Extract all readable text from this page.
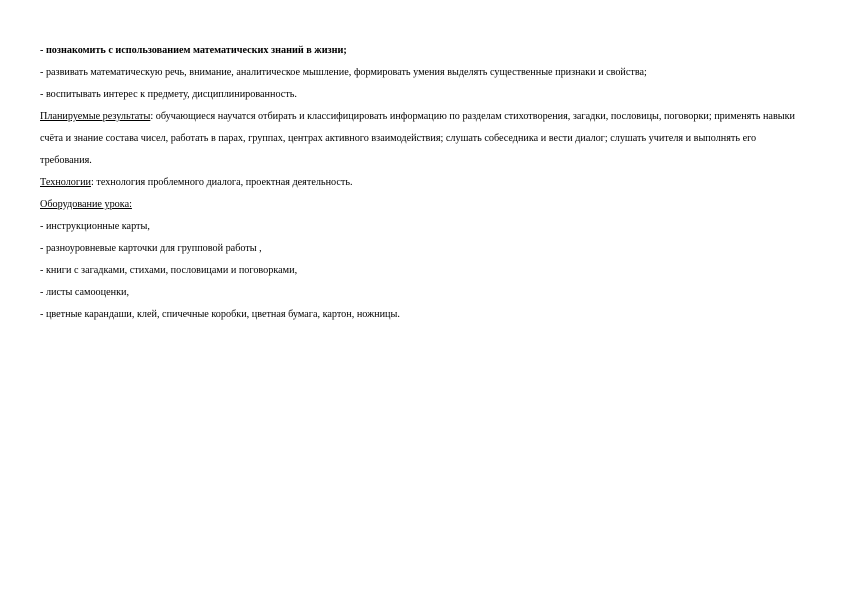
- познакомить с использованием математических знаний в жизни;

- развивать математическую речь, внимание, аналитическое мышление, формировать умения выделять существенные признаки и свойства;

- воспитывать интерес к предмету, дисциплинированность.

Планируемые результаты: обучающиеся научатся отбирать и классифицировать информацию по разделам стихотворения, загадки, пословицы, поговорки; применять навыки счёта и знание состава чисел, работать в парах, группах, центрах активного взаимодействия; слушать собеседника и вести диалог; слушать учителя и выполнять его требования.

Технологии: технология проблемного диалога, проектная деятельность.

Оборудование урока:

- инструкционные карты,

- разноуровневые карточки для групповой работы ,

- книги с загадками, стихами, пословицами и поговорками,

- листы самооценки,

- цветные карандаши, клей, спичечные коробки, цветная бумага, картон, ножницы.
